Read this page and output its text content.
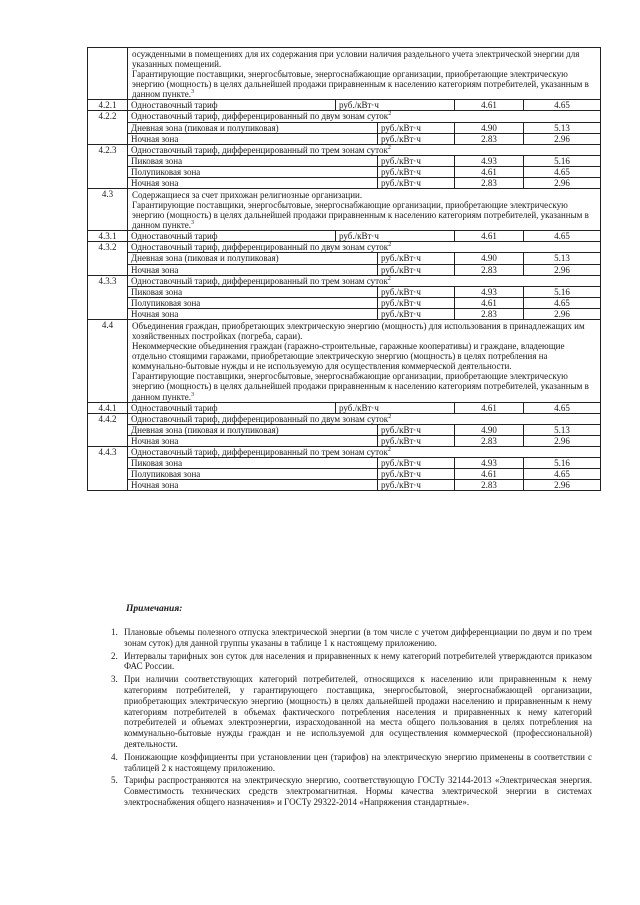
	осужденными в помещениях для их содержания при условии наличия раздельного учета электрической энергии для указанных помещений.

Гарантирующие поставщики, энергосбытовые, энергоснабжающие организации, приобретающие электрическую энергию (мощность) в целях дальнейшей продажи приравненным к населению категориям потребителей, указанным в данном пункте.$^3$

4.2.1	Одноставочный тариф	руб./кВт·ч		4.61	4.65
4.2.2	Одноставочный тариф, дифференцированный по двум зонам суток$^2$
	Дневная зона (пиковая и полупиковая)		руб./кВт·ч	4.90	5.13
	Ночная зона		руб./кВт·ч	2.83	2.96
4.2.3	Одноставочный тариф, дифференцированный по трем зонам суток$^2$
	Пиковая зона		руб./кВт·ч	4.93	5.16
	Полупиковая зона		руб./кВт·ч	4.61	4.65
	Ночная зона		руб./кВт·ч	2.83	2.96
4.3	Содержащиеся за счет прихожан религиозные организации.

Гарантирующие поставщики, энергосбытовые, энергоснабжающие организации, приобретающие электрическую энергию (мощность) в целях дальнейшей продажи приравненным к населению категориям потребителей, указанным в данном пункте.$^3$

4.3.1	Одноставочный тариф	руб./кВт·ч		4.61	4.65
4.3.2	Одноставочный тариф, дифференцированный по двум зонам суток$^2$
	Дневная зона (пиковая и полупиковая)		руб./кВт·ч	4.90	5.13
	Ночная зона		руб./кВт·ч	2.83	2.96
4.3.3	Одноставочный тариф, дифференцированный по трем зонам суток$^2$
	Пиковая зона		руб./кВт·ч	4.93	5.16
	Полупиковая зона		руб./кВт·ч	4.61	4.65
	Ночная зона		руб./кВт·ч	2.83	2.96
4.4	Объединения граждан, приобретающих электрическую энергию (мощность) для использования в принадлежащих им хозяйственных постройках (погреба, сараи).

Некоммерческие объединения граждан (гаражно-строительные, гаражные кооперативы) и граждане, владеющие отдельно стоящими гаражами, приобретающие электрическую энергию (мощность) в целях потребления на коммунально-бытовые нужды и не используемую для осуществления коммерческой деятельности.

Гарантирующие поставщики, энергосбытовые, энергоснабжающие организации, приобретающие электрическую энергию (мощность) в целях дальнейшей продажи приравненным к населению категориям потребителей, указанным в данном пункте.$^3$

4.4.1	Одноставочный тариф	руб./кВт·ч		4.61	4.65
4.4.2	Одноставочный тариф, дифференцированный по двум зонам суток$^2$
	Дневная зона (пиковая и полупиковая)		руб./кВт·ч	4.90	5.13
	Ночная зона		руб./кВт·ч	2.83	2.96
4.4.3	Одноставочный тариф, дифференцированный по трем зонам суток$^2$
	Пиковая зона		руб./кВт·ч	4.93	5.16
	Полупиковая зона		руб./кВт·ч	4.61	4.65
	Ночная зона		руб./кВт·ч	2.83	2.96

Примечания:

1. Плановые объемы полезного отпуска электрической энергии (в том числе с учетом дифференциации по двум и по трем зонам суток) для данной группы указаны в таблице 1 к настоящему приложению.
2. Интервалы тарифных зон суток для населения и приравненных к нему категорий потребителей утверждаются приказом ФАС России.
3. При наличии соответствующих категорий потребителей, относящихся к населению или приравненным к нему категориям потребителей, у гарантирующего поставщика, энергосбытовой, энергоснабжающей организации, приобретающих электрическую энергию (мощность) в целях дальнейшей продажи населению и приравненным к нему категориям потребителей в объемах фактического потребления населения и приравненных к нему категорий потребителей и объемах электроэнергии, израсходованной на места общего пользования в целях потребления на коммунально-бытовые нужды граждан и не используемой для осуществления коммерческой (профессиональной) деятельности.
4. Понижающие коэффициенты при установлении цен (тарифов) на электрическую энергию применены в соответствии с таблицей 2 к настоящему приложению.
5. Тарифы распространяются на электрическую энергию, соответствующую ГОСТу 32144-2013 «Электрическая энергия. Совместимость технических средств электромагнитная. Нормы качества электрической энергии в системах электроснабжения общего назначения» и ГОСТу 29322-2014 «Напряжения стандартные».
